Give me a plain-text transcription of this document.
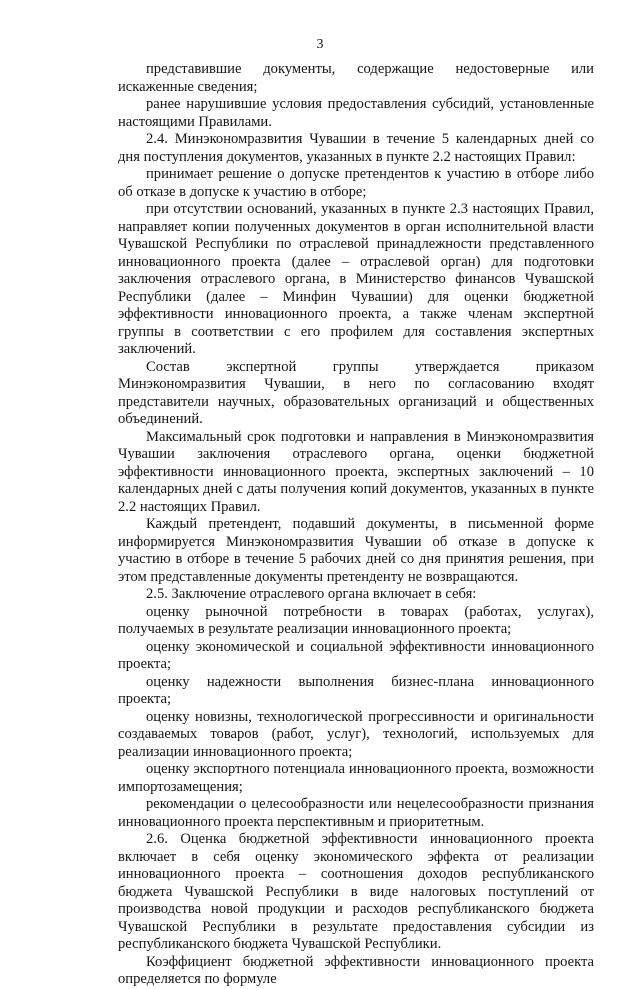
3

представившие документы, содержащие недостоверные или искаженные сведения;

ранее нарушившие условия предоставления субсидий, установленные настоящими Правилами.

2.4. Минэкономразвития Чувашии в течение 5 календарных дней со дня поступления документов, указанных в пункте 2.2 настоящих Правил:

принимает решение о допуске претендентов к участию в отборе либо об отказе в допуске к участию в отборе;

при отсутствии оснований, указанных в пункте 2.3 настоящих Правил, направляет копии полученных документов в орган исполнительной власти Чувашской Республики по отраслевой принадлежности представленного инновационного проекта (далее – отраслевой орган) для подготовки заключения отраслевого органа, в Министерство финансов Чувашской Республики (далее – Минфин Чувашии) для оценки бюджетной эффективности инновационного проекта, а также членам экспертной группы в соответствии с его профилем для составления экспертных заключений.

Состав экспертной группы утверждается приказом Минэкономразвития Чувашии, в него по согласованию входят представители научных, образовательных организаций и общественных объединений.

Максимальный срок подготовки и направления в Минэкономразвития Чувашии заключения отраслевого органа, оценки бюджетной эффективности инновационного проекта, экспертных заключений – 10 календарных дней с даты получения копий документов, указанных в пункте 2.2 настоящих Правил.

Каждый претендент, подавший документы, в письменной форме информируется Минэкономразвития Чувашии об отказе в допуске к участию в отборе в течение 5 рабочих дней со дня принятия решения, при этом представленные документы претенденту не возвращаются.

2.5. Заключение отраслевого органа включает в себя:

оценку рыночной потребности в товарах (работах, услугах), получаемых в результате реализации инновационного проекта;

оценку экономической и социальной эффективности инновационного проекта;

оценку надежности выполнения бизнес-плана инновационного проекта;

оценку новизны, технологической прогрессивности и оригинальности создаваемых товаров (работ, услуг), технологий, используемых для реализации инновационного проекта;

оценку экспортного потенциала инновационного проекта, возможности импортозамещения;

рекомендации о целесообразности или нецелесообразности признания инновационного проекта перспективным и приоритетным.

2.6. Оценка бюджетной эффективности инновационного проекта включает в себя оценку экономического эффекта от реализации инновационного проекта – соотношения доходов республиканского бюджета Чувашской Республики в виде налоговых поступлений от производства новой продукции и расходов республиканского бюджета Чувашской Республики в результате предоставления субсидии из республиканского бюджета Чувашской Республики.

Коэффициент бюджетной эффективности инновационного проекта определяется по формуле
